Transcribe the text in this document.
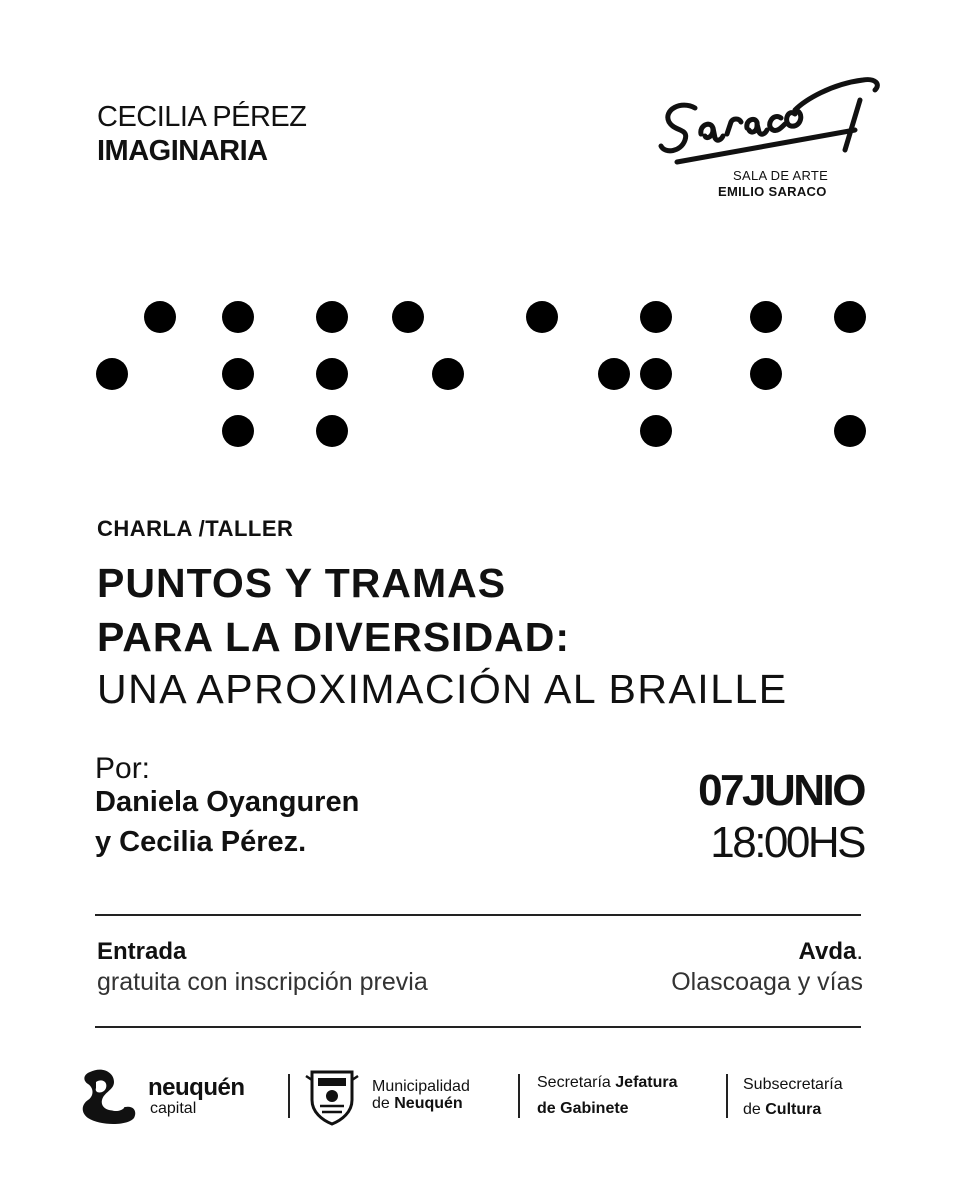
CECILIA PÉREZ
IMAGINARIA
SALA DE ARTE
EMILIO SARACO
CHARLA /TALLER
PUNTOS Y TRAMAS
PARA LA DIVERSIDAD:
UNA APROXIMACIÓN AL BRAILLE
Por:
Daniela Oyanguren
y Cecilia Pérez.
07JUNIO
18:00HS
Entrada
gratuita con inscripción previa
Avda.
Olascoaga y vías
neuquén
capital
Municipalidad
de Neuquén
Secretaría Jefatura
de Gabinete
Subsecretaría
de Cultura
